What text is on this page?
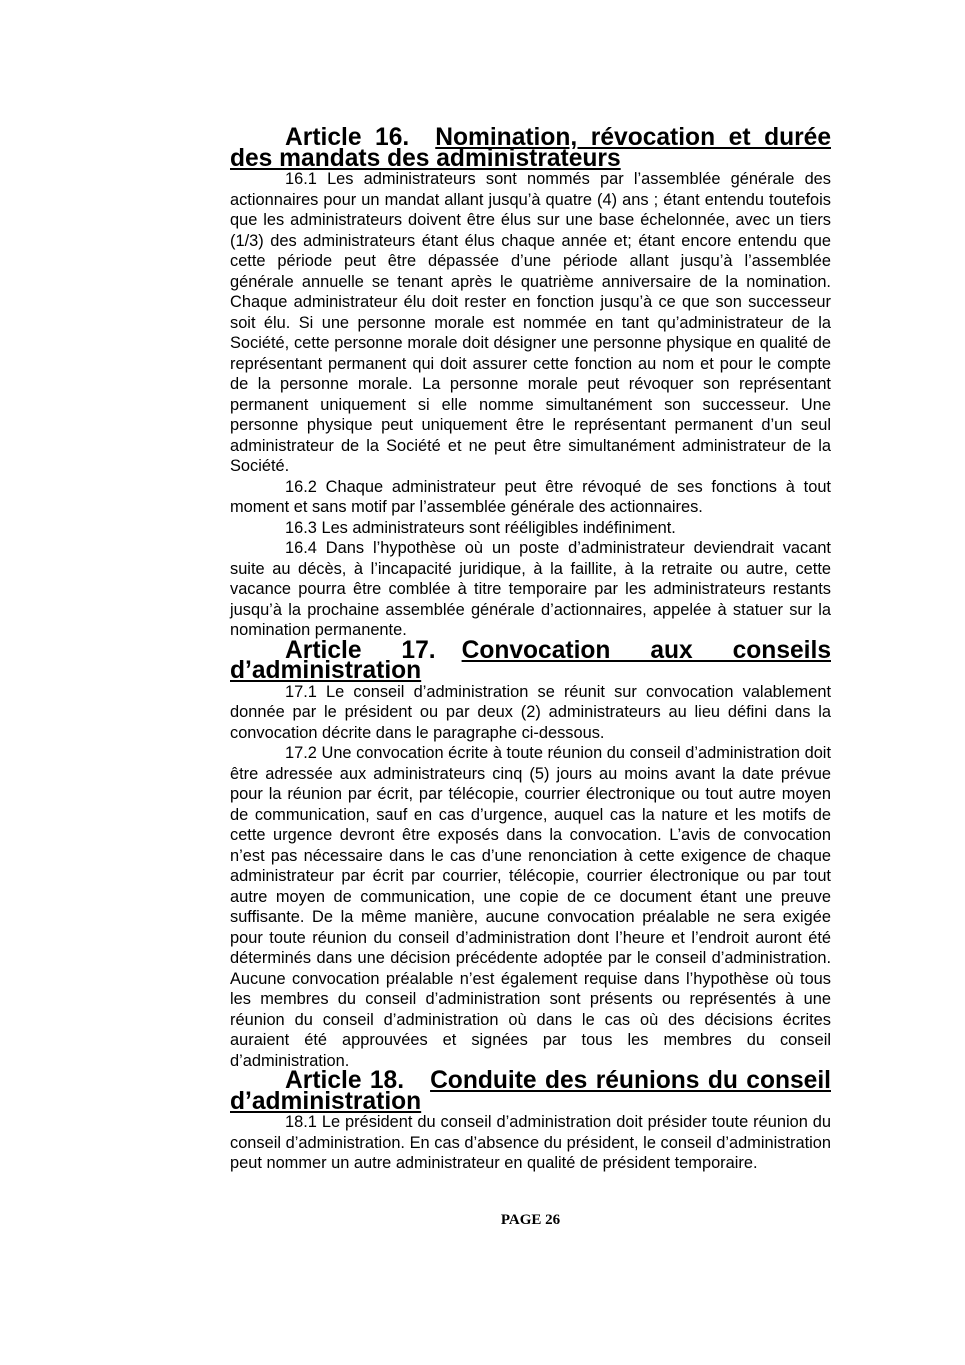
Article 16. Nomination, révocation et durée des mandats des administrateurs

16.1 Les administrateurs sont nommés par l’assemblée générale des actionnaires pour un mandat allant jusqu’à quatre (4) ans ; étant entendu toutefois que les administrateurs doivent être élus sur une base échelonnée, avec un tiers (1/3) des administrateurs étant élus chaque année et; étant encore entendu que cette période peut être dépassée d’une période allant jusqu’à l’assemblée générale annuelle se tenant après le quatrième anniversaire de la nomination. Chaque administrateur élu doit rester en fonction jusqu’à ce que son successeur soit élu. Si une personne morale est nommée en tant qu’administrateur de la Société, cette personne morale doit désigner une personne physique en qualité de représentant permanent qui doit assurer cette fonction au nom et pour le compte de la personne morale. La personne morale peut révoquer son représentant permanent uniquement si elle nomme simultanément son successeur. Une personne physique peut uniquement être le représentant permanent d’un seul administrateur de la Société et ne peut être simultanément administrateur de la Société.

16.2 Chaque administrateur peut être révoqué de ses fonctions à tout moment et sans motif par l’assemblée générale des actionnaires.

16.3 Les administrateurs sont rééligibles indéfiniment.

16.4 Dans l’hypothèse où un poste d’administrateur deviendrait vacant suite au décès, à l’incapacité juridique, à la faillite, à la retraite ou autre, cette vacance pourra être comblée à titre temporaire par les administrateurs restants jusqu’à la prochaine assemblée générale d’actionnaires, appelée à statuer sur la nomination permanente.

Article 17. Convocation aux conseils d’administration

17.1 Le conseil d’administration se réunit sur convocation valablement donnée par le président ou par deux (2) administrateurs au lieu défini dans la convocation décrite dans le paragraphe ci-dessous.

17.2 Une convocation écrite à toute réunion du conseil d’administration doit être adressée aux administrateurs cinq (5) jours au moins avant la date prévue pour la réunion par écrit, par télécopie, courrier électronique ou tout autre moyen de communication, sauf en cas d’urgence, auquel cas la nature et les motifs de cette urgence devront être exposés dans la convocation. L’avis de convocation n’est pas nécessaire dans le cas d’une renonciation à cette exigence de chaque administrateur par écrit par courrier, télécopie, courrier électronique ou par tout autre moyen de communication, une copie de ce document étant une preuve suffisante. De la même manière, aucune convocation préalable ne sera exigée pour toute réunion du conseil d’administration dont l’heure et l’endroit auront été déterminés dans une décision précédente adoptée par le conseil d’administration. Aucune convocation préalable n’est également requise dans l’hypothèse où tous les membres du conseil d’administration sont présents ou représentés à une réunion du conseil d’administration où dans le cas où des décisions écrites auraient été approuvées et signées par tous les membres du conseil d’administration.

Article 18. Conduite des réunions du conseil d’administration

18.1 Le président du conseil d’administration doit présider toute réunion du conseil d’administration. En cas d’absence du président, le conseil d’administration peut nommer un autre administrateur en qualité de président temporaire.

PAGE 26
